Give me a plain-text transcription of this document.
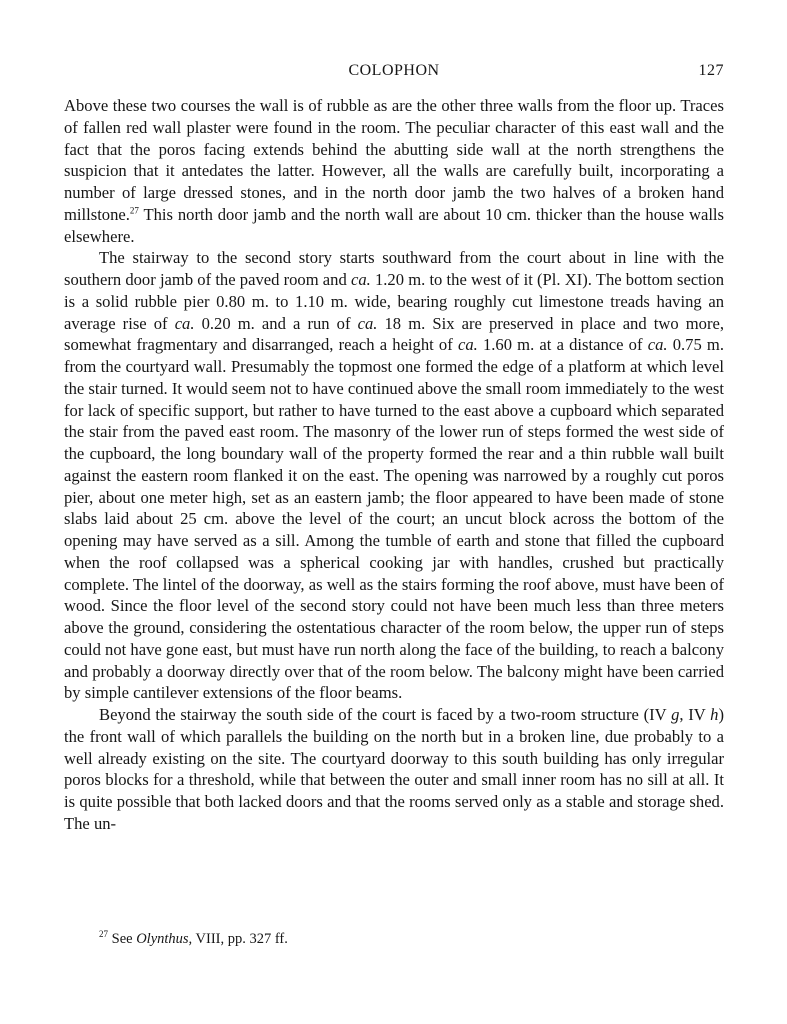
COLOPHON	127

Above these two courses the wall is of rubble as are the other three walls from the floor up. Traces of fallen red wall plaster were found in the room. The peculiar character of this east wall and the fact that the poros facing extends behind the abutting side wall at the north strengthens the suspicion that it antedates the latter. However, all the walls are carefully built, incorporating a number of large dressed stones, and in the north door jamb the two halves of a broken hand millstone.$^{27}$ This north door jamb and the north wall are about 10 cm. thicker than the house walls elsewhere.

The stairway to the second story starts southward from the court about in line with the southern door jamb of the paved room and ca. 1.20 m. to the west of it (Pl. XI). The bottom section is a solid rubble pier 0.80 m. to 1.10 m. wide, bearing roughly cut limestone treads having an average rise of ca. 0.20 m. and a run of ca. 18 m. Six are preserved in place and two more, somewhat fragmentary and disarranged, reach a height of ca. 1.60 m. at a distance of ca. 0.75 m. from the courtyard wall. Presumably the topmost one formed the edge of a platform at which level the stair turned. It would seem not to have continued above the small room immediately to the west for lack of specific support, but rather to have turned to the east above a cupboard which separated the stair from the paved east room. The masonry of the lower run of steps formed the west side of the cupboard, the long boundary wall of the property formed the rear and a thin rubble wall built against the eastern room flanked it on the east. The opening was narrowed by a roughly cut poros pier, about one meter high, set as an eastern jamb; the floor appeared to have been made of stone slabs laid about 25 cm. above the level of the court; an uncut block across the bottom of the opening may have served as a sill. Among the tumble of earth and stone that filled the cupboard when the roof collapsed was a spherical cooking jar with handles, crushed but practically complete. The lintel of the doorway, as well as the stairs forming the roof above, must have been of wood. Since the floor level of the second story could not have been much less than three meters above the ground, considering the ostentatious character of the room below, the upper run of steps could not have gone east, but must have run north along the face of the building, to reach a balcony and probably a doorway directly over that of the room below. The balcony might have been carried by simple cantilever extensions of the floor beams.

Beyond the stairway the south side of the court is faced by a two-room structure (IV g, IV h) the front wall of which parallels the building on the north but in a broken line, due probably to a well already existing on the site. The courtyard doorway to this south building has only irregular poros blocks for a threshold, while that between the outer and small inner room has no sill at all. It is quite possible that both lacked doors and that the rooms served only as a stable and storage shed. The un-

$^{27}$ See Olynthus, VIII, pp. 327 ff.
